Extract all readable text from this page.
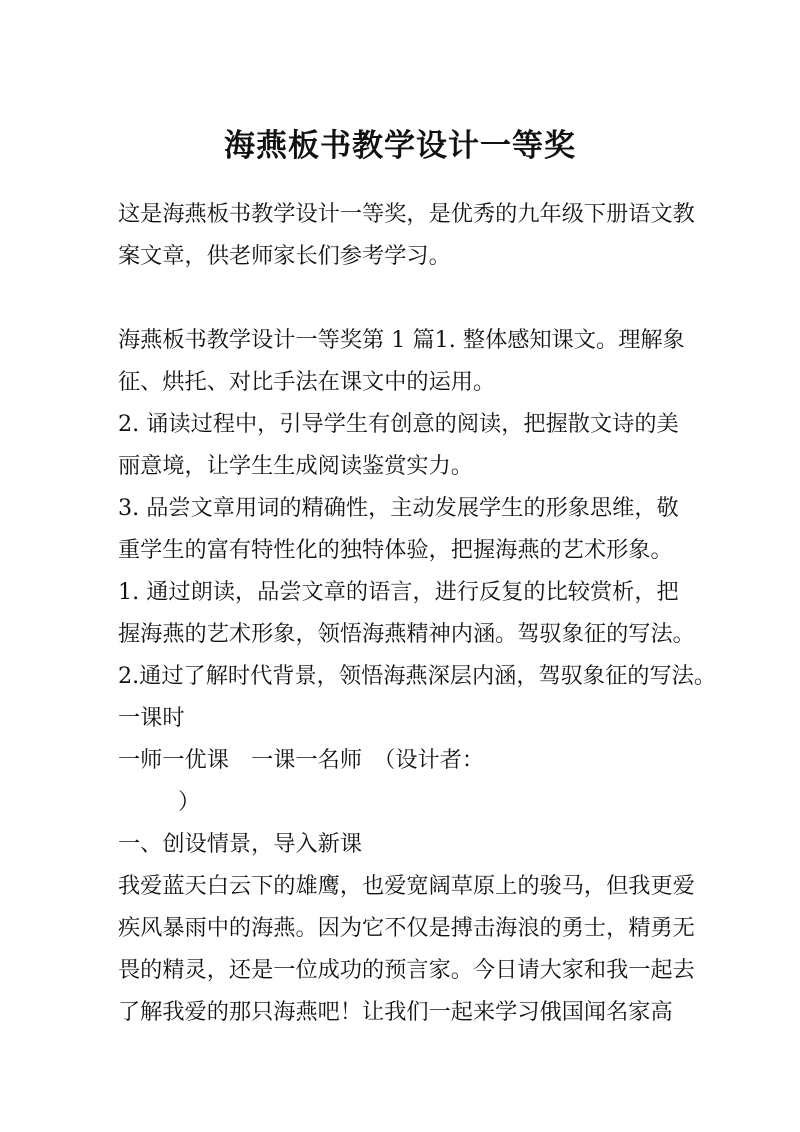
海燕板书教学设计一等奖
这是海燕板书教学设计一等奖，是优秀的九年级下册语文教
案文章，供老师家长们参考学习。
海燕板书教学设计一等奖第 1 篇1. 整体感知课文。理解象
征、烘托、对比手法在课文中的运用。
2. 诵读过程中，引导学生有创意的阅读，把握散文诗的美
丽意境，让学生生成阅读鉴赏实力。
3. 品尝文章用词的精确性，主动发展学生的形象思维，敬
重学生的富有特性化的独特体验，把握海燕的艺术形象。
1. 通过朗读，品尝文章的语言，进行反复的比较赏析，把
握海燕的艺术形象，领悟海燕精神内涵。驾驭象征的写法。
2.通过了解时代背景，领悟海燕深层内涵，驾驭象征的写法。
一课时
一师一优课　一课一名师　（设计者：
）
一、创设情景，导入新课
我爱蓝天白云下的雄鹰，也爱宽阔草原上的骏马，但我更爱
疾风暴雨中的海燕。因为它不仅是搏击海浪的勇士，精勇无
畏的精灵，还是一位成功的预言家。今日请大家和我一起去
了解我爱的那只海燕吧！让我们一起来学习俄国闻名家高
